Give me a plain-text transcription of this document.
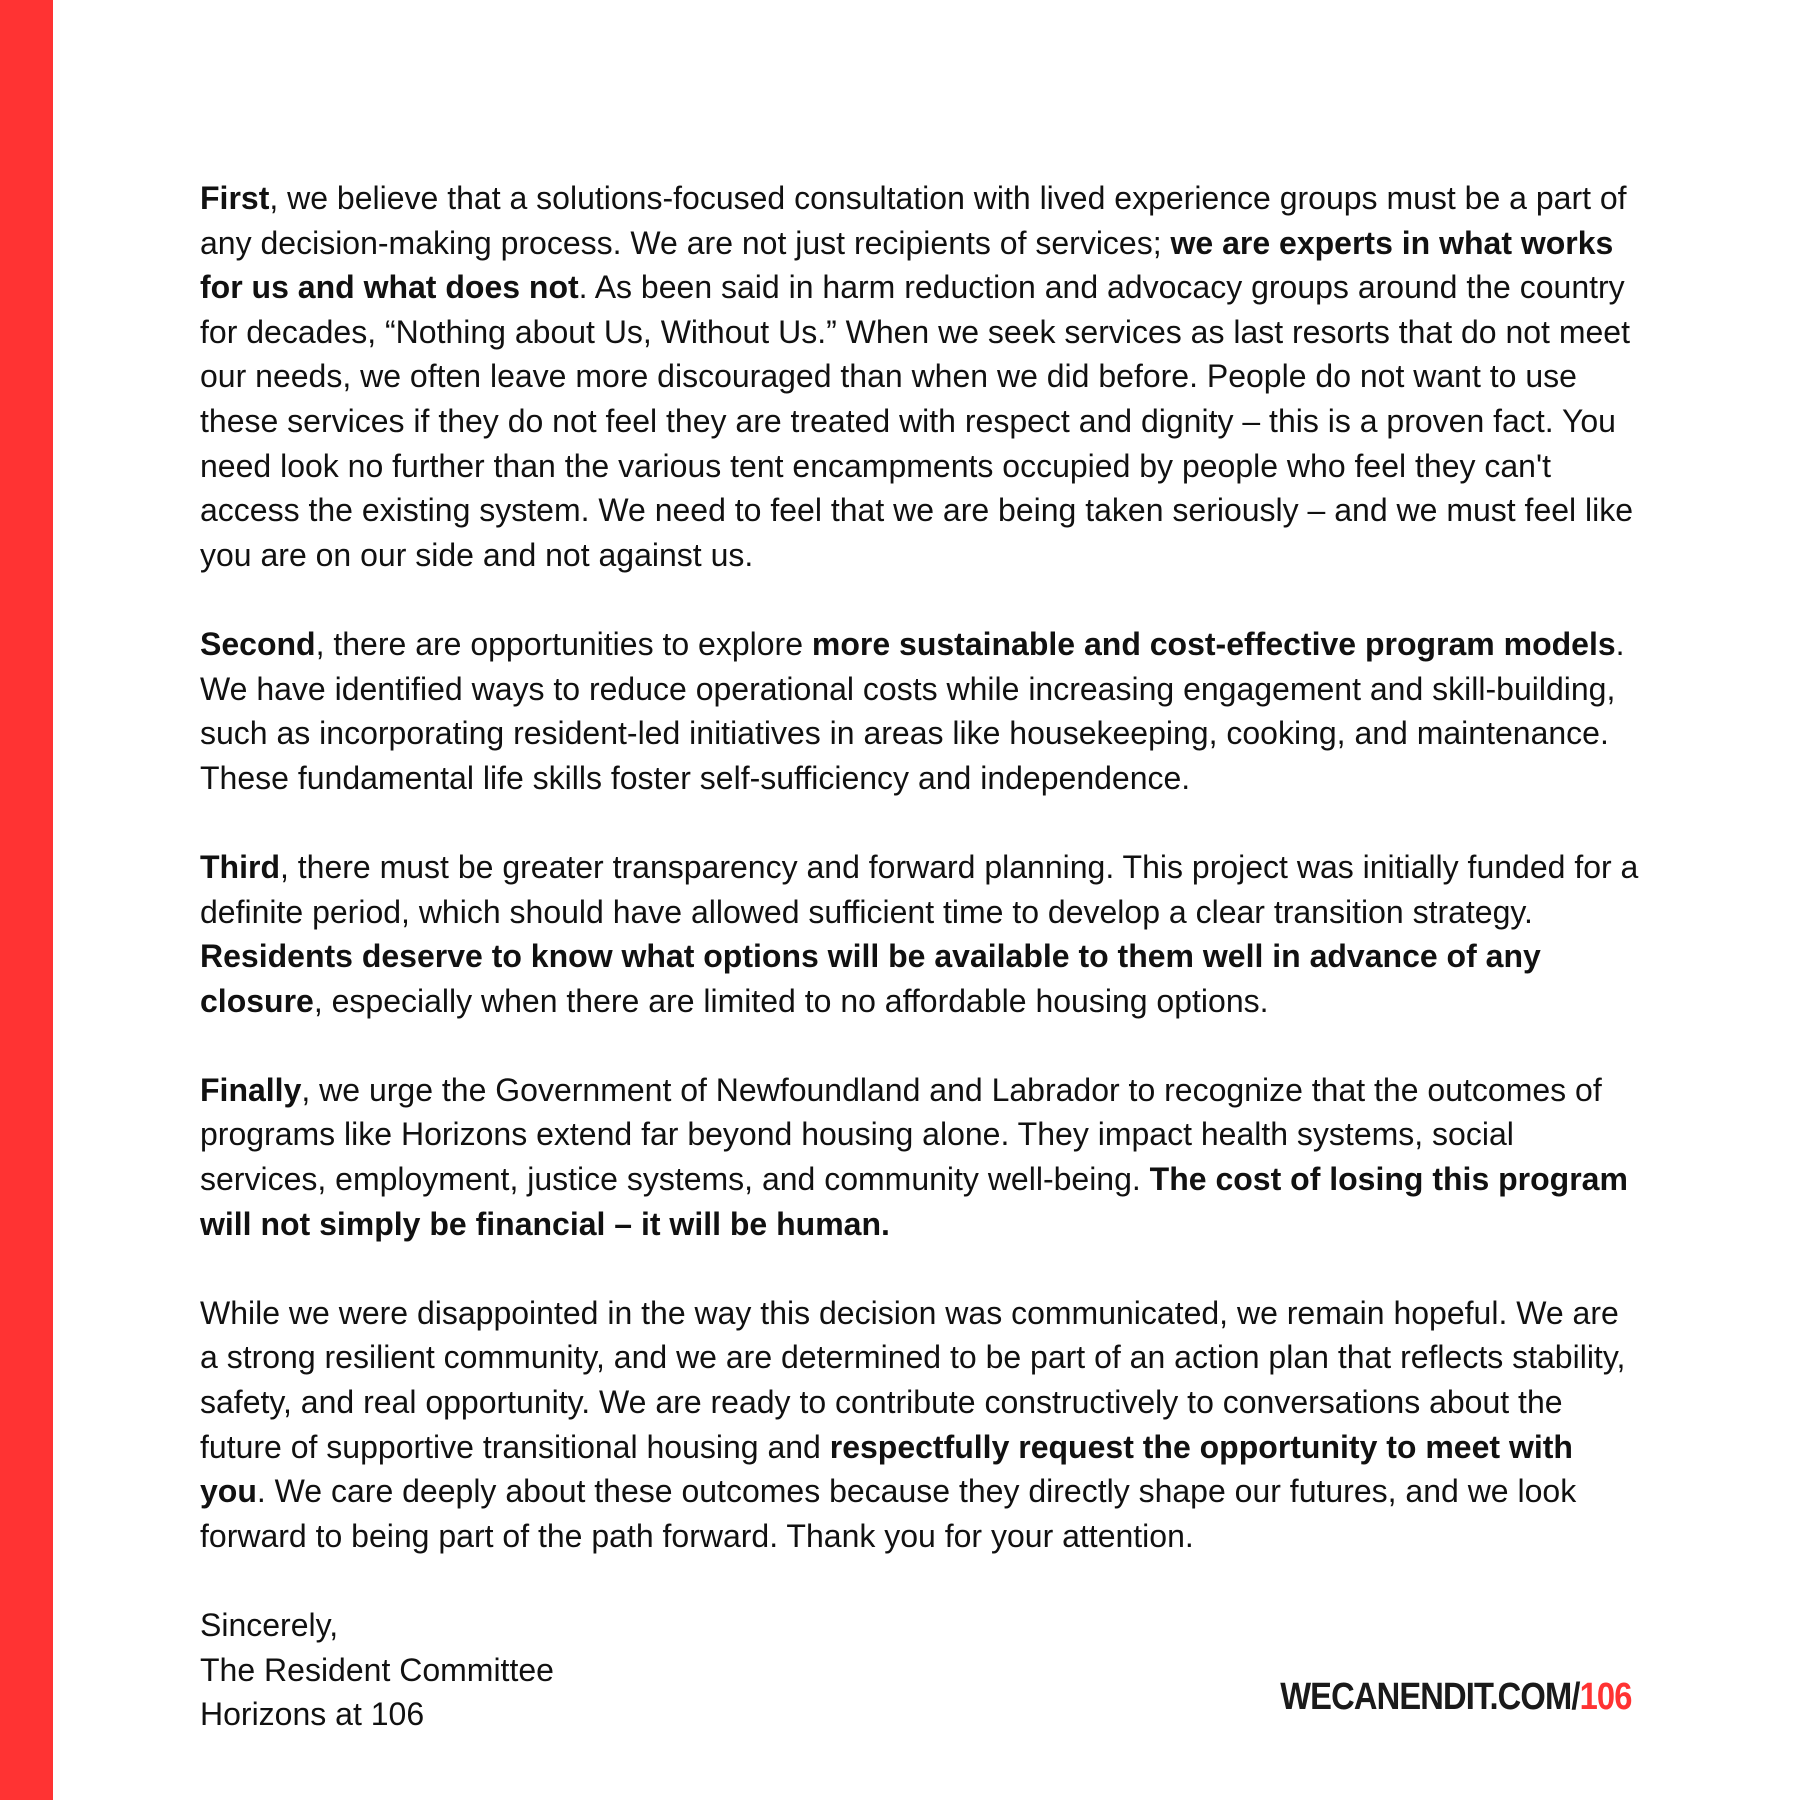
First, we believe that a solutions-focused consultation with lived experience groups must be a part of any decision-making process. We are not just recipients of services; we are experts in what works for us and what does not. As been said in harm reduction and advocacy groups around the country for decades, “Nothing about Us, Without Us.” When we seek services as last resorts that do not meet our needs, we often leave more discouraged than when we did before. People do not want to use these services if they do not feel they are treated with respect and dignity – this is a proven fact. You need look no further than the various tent encampments occupied by people who feel they can't access the existing system. We need to feel that we are being taken seriously – and we must feel like you are on our side and not against us.

Second, there are opportunities to explore more sustainable and cost-effective program models. We have identified ways to reduce operational costs while increasing engagement and skill-building, such as incorporating resident-led initiatives in areas like housekeeping, cooking, and maintenance. These fundamental life skills foster self-sufficiency and independence.

Third, there must be greater transparency and forward planning. This project was initially funded for a definite period, which should have allowed sufficient time to develop a clear transition strategy. Residents deserve to know what options will be available to them well in advance of any closure, especially when there are limited to no affordable housing options.

Finally, we urge the Government of Newfoundland and Labrador to recognize that the outcomes of programs like Horizons extend far beyond housing alone. They impact health systems, social services, employment, justice systems, and community well-being. The cost of losing this program will not simply be financial – it will be human.

While we were disappointed in the way this decision was communicated, we remain hopeful. We are a strong resilient community, and we are determined to be part of an action plan that reflects stability, safety, and real opportunity. We are ready to contribute constructively to conversations about the future of supportive transitional housing and respectfully request the opportunity to meet with you. We care deeply about these outcomes because they directly shape our futures, and we look forward to being part of the path forward. Thank you for your attention.

Sincerely,
The Resident Committee
Horizons at 106	WECANENDIT.COM/106
